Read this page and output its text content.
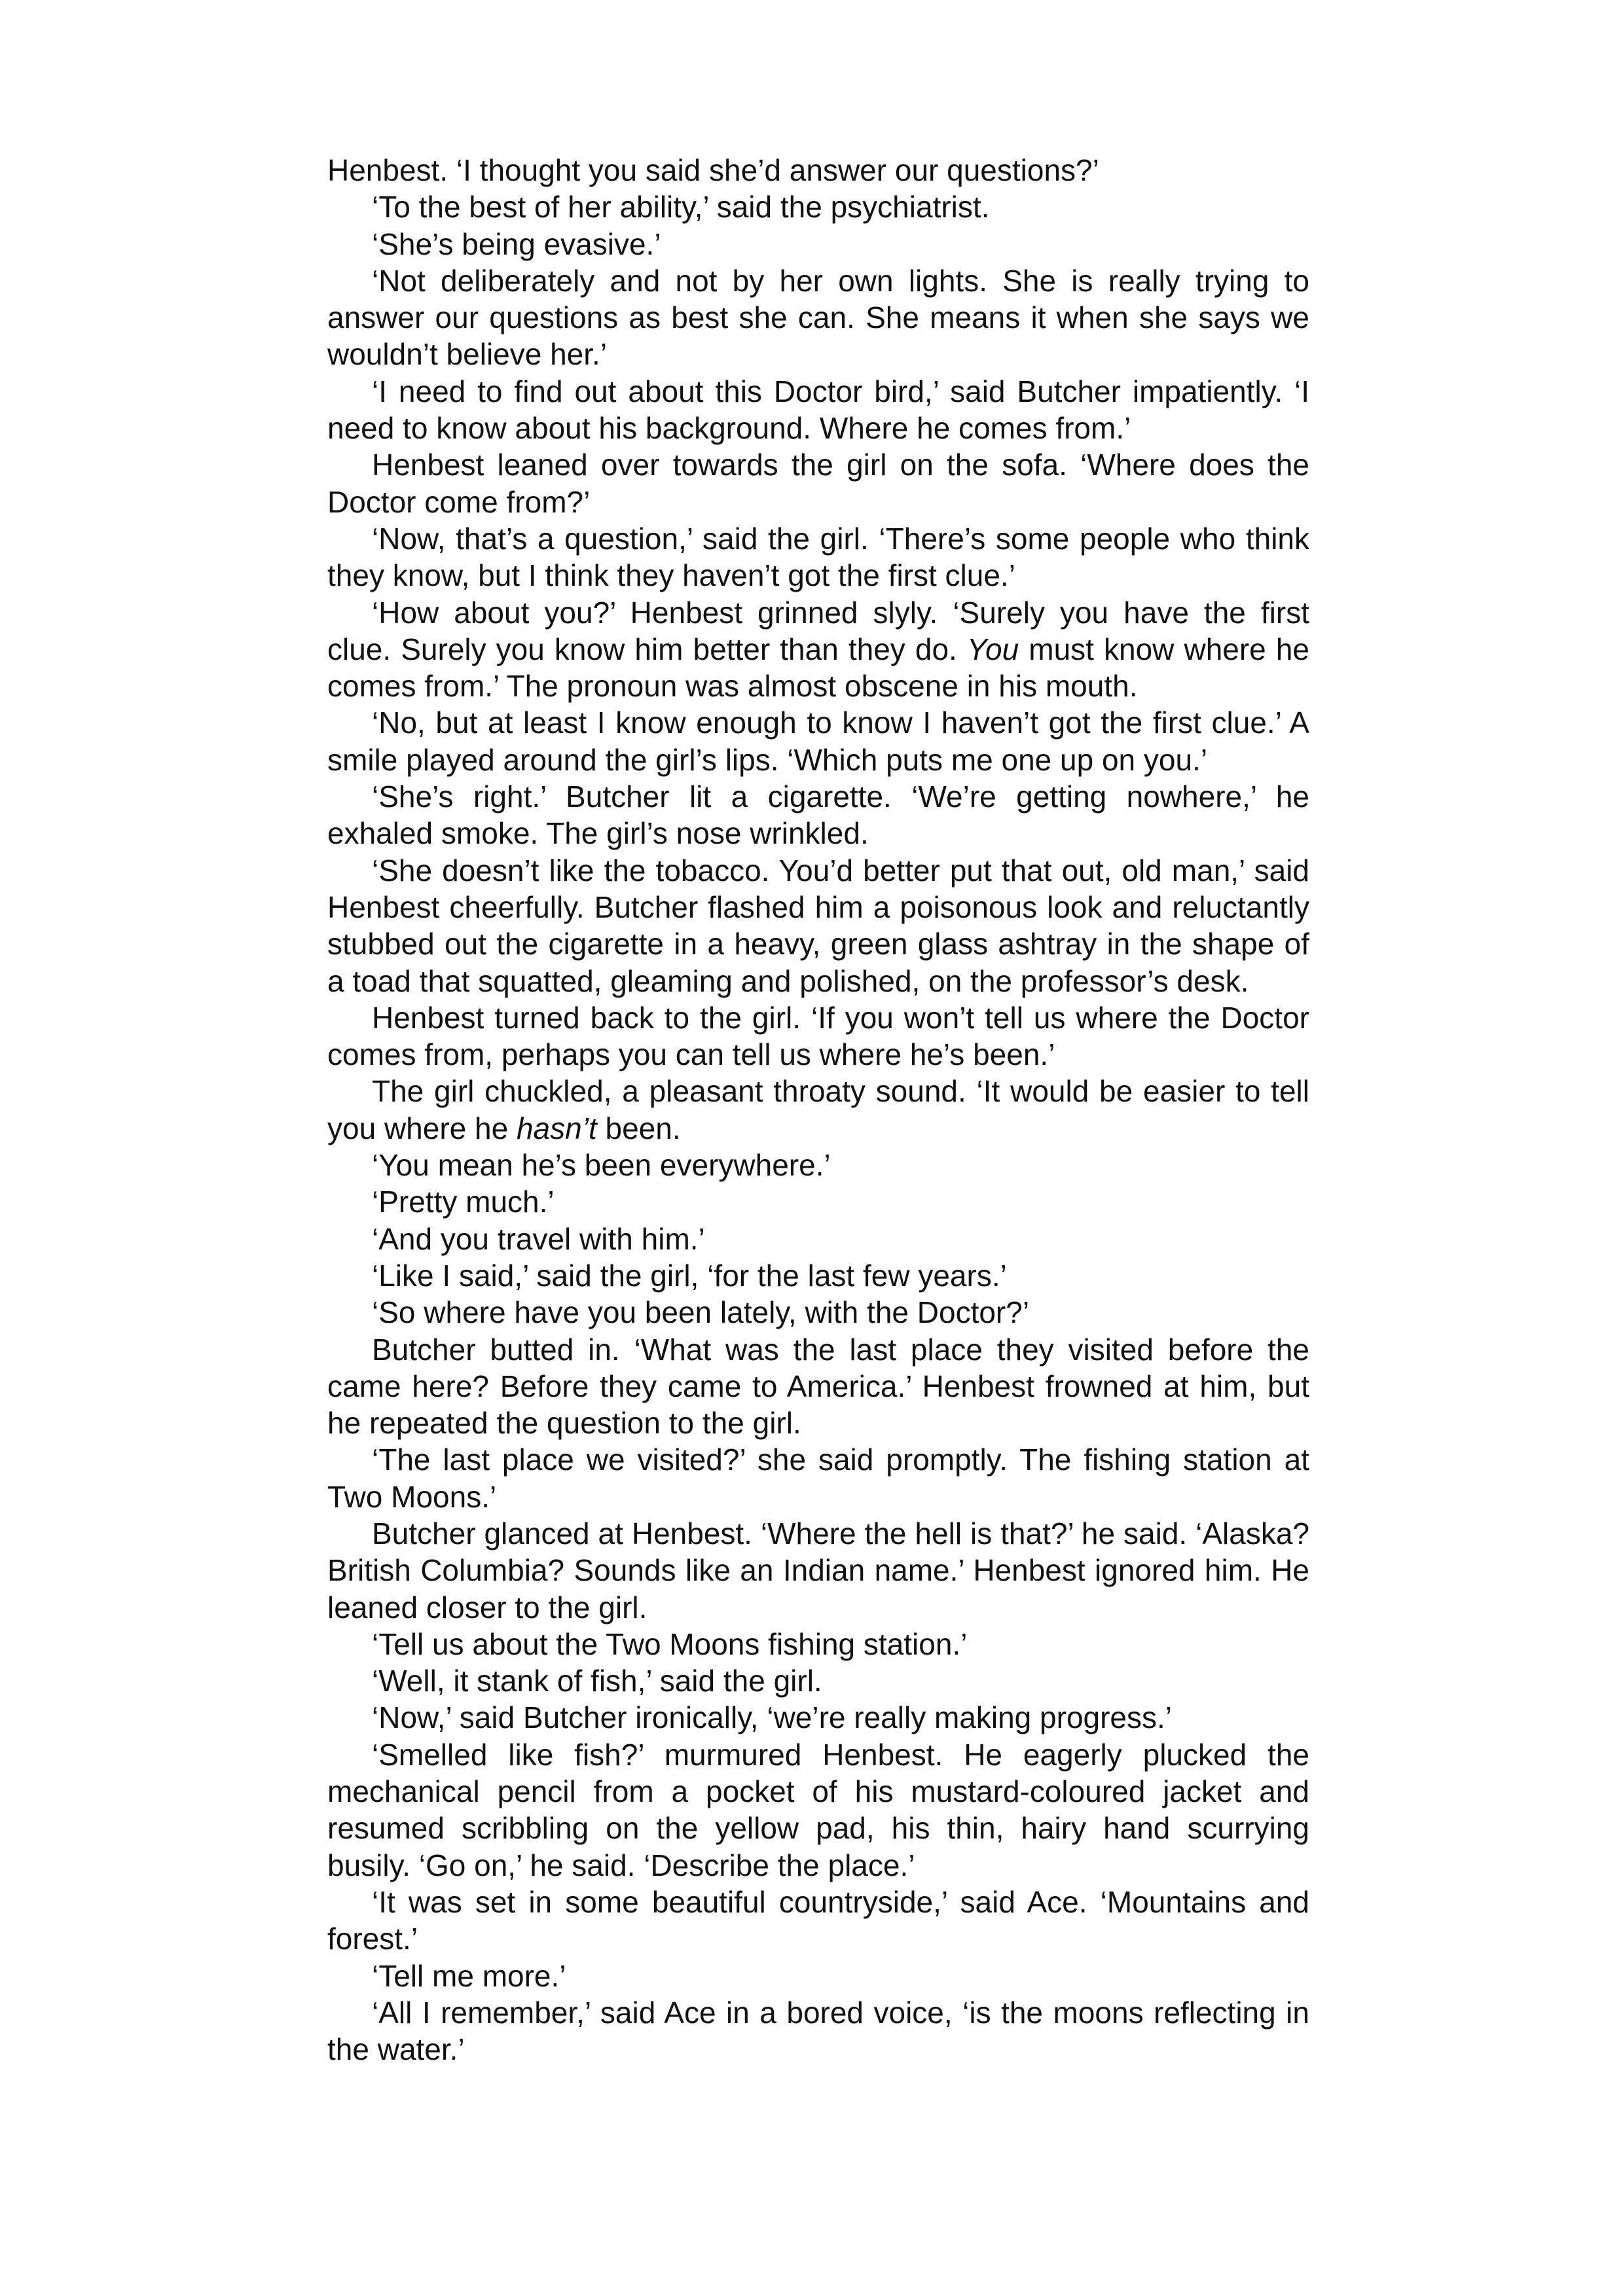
Henbest. ‘I thought you said she’d answer our questions?’

‘To the best of her ability,’ said the psychiatrist.

‘She’s being evasive.’

‘Not deliberately and not by her own lights. She is really trying to answer our questions as best she can. She means it when she says we wouldn’t believe her.’

‘I need to find out about this Doctor bird,’ said Butcher impatiently. ‘I need to know about his background. Where he comes from.’

Henbest leaned over towards the girl on the sofa. ‘Where does the Doctor come from?’

‘Now, that’s a question,’ said the girl. ‘There’s some people who think they know, but I think they haven’t got the first clue.’

‘How about you?’ Henbest grinned slyly. ‘Surely you have the first clue. Surely you know him better than they do. You must know where he comes from.’ The pronoun was almost obscene in his mouth.

‘No, but at least I know enough to know I haven’t got the first clue.’ A smile played around the girl’s lips. ‘Which puts me one up on you.’

‘She’s right.’ Butcher lit a cigarette. ‘We’re getting nowhere,’ he exhaled smoke. The girl’s nose wrinkled.

‘She doesn’t like the tobacco. You’d better put that out, old man,’ said Henbest cheerfully. Butcher flashed him a poisonous look and reluctantly stubbed out the cigarette in a heavy, green glass ashtray in the shape of a toad that squatted, gleaming and polished, on the professor’s desk.

Henbest turned back to the girl. ‘If you won’t tell us where the Doctor comes from, perhaps you can tell us where he’s been.’

The girl chuckled, a pleasant throaty sound. ‘It would be easier to tell you where he hasn’t been.

‘You mean he’s been everywhere.’

‘Pretty much.’

‘And you travel with him.’

‘Like I said,’ said the girl, ‘for the last few years.’

‘So where have you been lately, with the Doctor?’

Butcher butted in. ‘What was the last place they visited before the came here? Before they came to America.’ Henbest frowned at him, but he repeated the question to the girl.

‘The last place we visited?’ she said promptly. The fishing station at Two Moons.’

Butcher glanced at Henbest. ‘Where the hell is that?’ he said. ‘Alaska? British Columbia? Sounds like an Indian name.’ Henbest ignored him. He leaned closer to the girl.

‘Tell us about the Two Moons fishing station.’

‘Well, it stank of fish,’ said the girl.

‘Now,’ said Butcher ironically, ‘we’re really making progress.’

‘Smelled like fish?’ murmured Henbest. He eagerly plucked the mechanical pencil from a pocket of his mustard-coloured jacket and resumed scribbling on the yellow pad, his thin, hairy hand scurrying busily. ‘Go on,’ he said. ‘Describe the place.’

‘It was set in some beautiful countryside,’ said Ace. ‘Mountains and forest.’

‘Tell me more.’

‘All I remember,’ said Ace in a bored voice, ‘is the moons reflecting in the water.’
